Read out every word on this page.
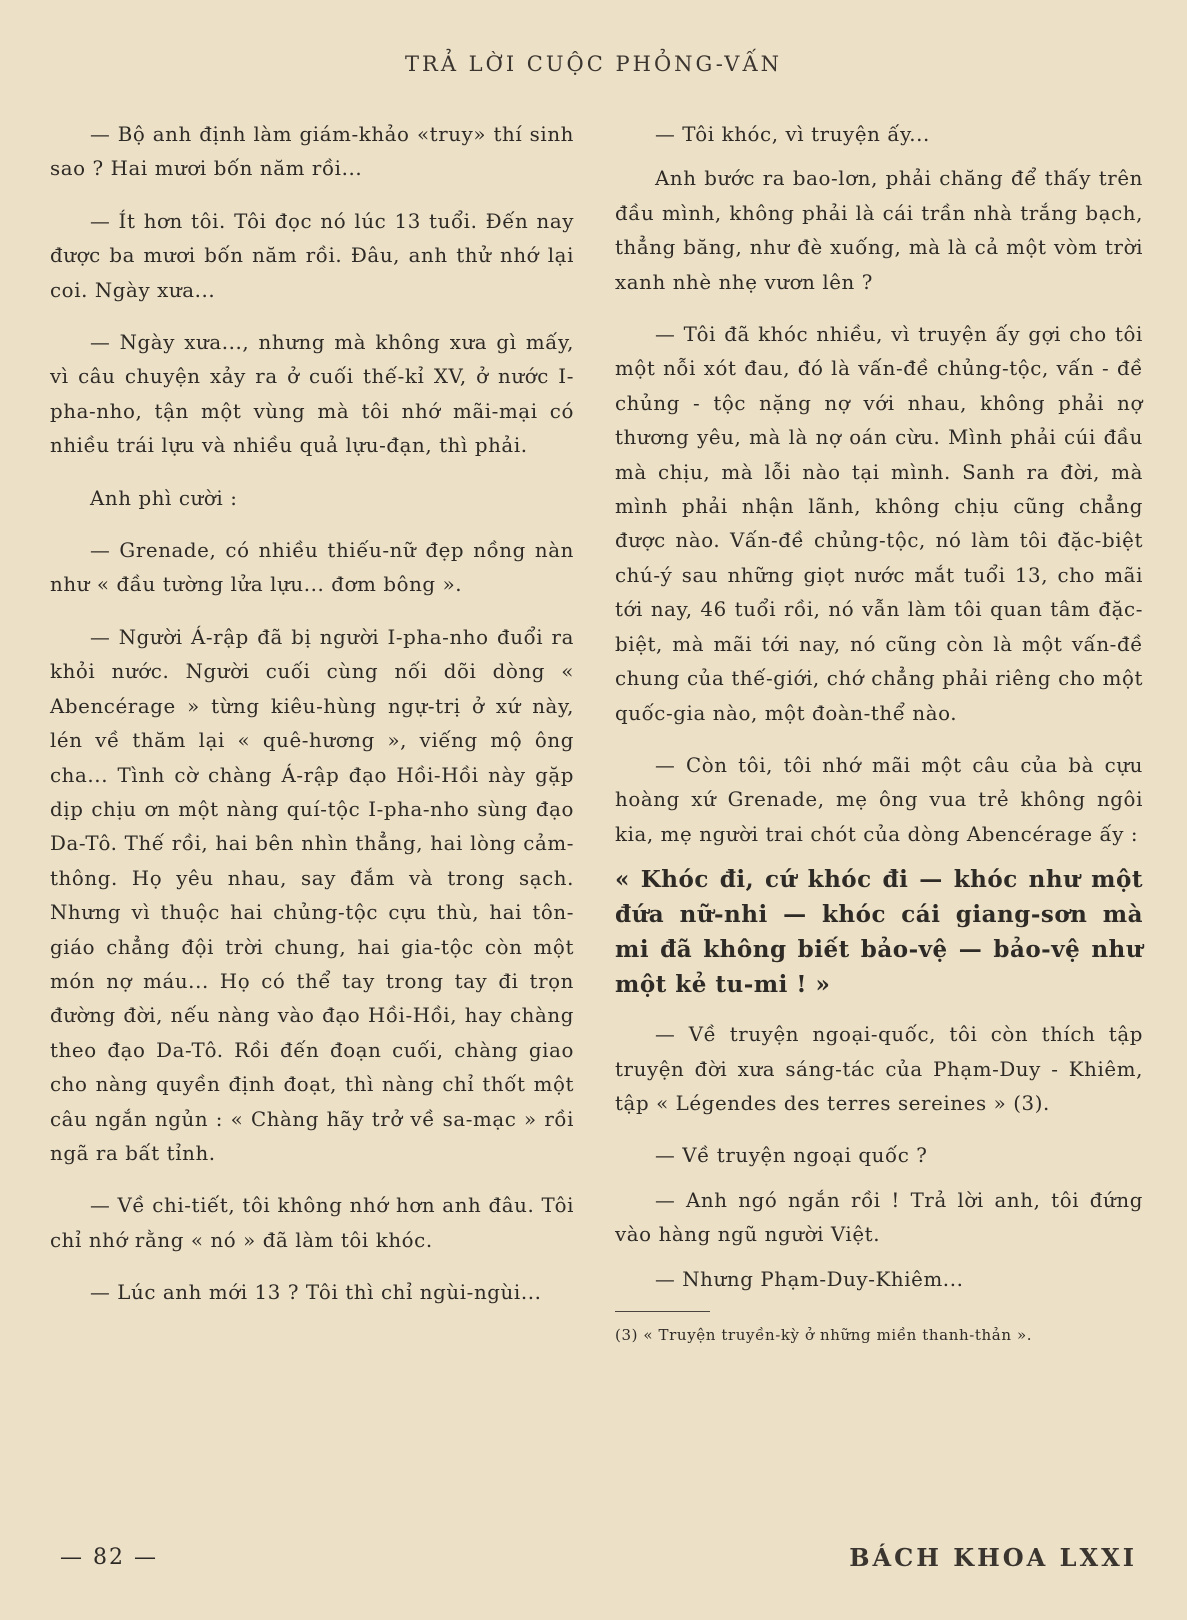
TRẢ LỜI CUỘC PHỎNG-VẤN

— Bộ anh định làm giám-khảo «truy» thí sinh sao ? Hai mươi bốn năm rồi...

— Ít hơn tôi. Tôi đọc nó lúc 13 tuổi. Đến nay được ba mươi bốn năm rồi. Đâu, anh thử nhớ lại coi. Ngày xưa...

— Ngày xưa..., nhưng mà không xưa gì mấy, vì câu chuyện xảy ra ở cuối thế-kỉ XV, ở nước I-pha-nho, tận một vùng mà tôi nhớ mãi-mại có nhiều trái lựu và nhiều quả lựu-đạn, thì phải.

Anh phì cười :

— Grenade, có nhiều thiếu-nữ đẹp nồng nàn như « đầu tường lửa lựu... đơm bông ».

— Người Á-rập đã bị người I-pha-nho đuổi ra khỏi nước. Người cuối cùng nối dõi dòng « Abencérage » từng kiêu-hùng ngự-trị ở xứ này, lén về thăm lại « quê-hương », viếng mộ ông cha... Tình cờ chàng Á-rập đạo Hồi-Hồi này gặp dịp chịu ơn một nàng quí-tộc I-pha-nho sùng đạo Da-Tô. Thế rồi, hai bên nhìn thẳng, hai lòng cảm-thông. Họ yêu nhau, say đắm và trong sạch. Nhưng vì thuộc hai chủng-tộc cựu thù, hai tôn-giáo chẳng đội trời chung, hai gia-tộc còn một món nợ máu... Họ có thể tay trong tay đi trọn đường đời, nếu nàng vào đạo Hồi-Hồi, hay chàng theo đạo Da-Tô. Rồi đến đoạn cuối, chàng giao cho nàng quyền định đoạt, thì nàng chỉ thốt một câu ngắn ngủn : « Chàng hãy trở về sa-mạc » rồi ngã ra bất tỉnh.

— Về chi-tiết, tôi không nhớ hơn anh đâu. Tôi chỉ nhớ rằng « nó » đã làm tôi khóc.

— Lúc anh mới 13 ? Tôi thì chỉ ngùi-ngùi...

— Tôi khóc, vì truyện ấy...

Anh bước ra bao-lơn, phải chăng để thấy trên đầu mình, không phải là cái trần nhà trắng bạch, thẳng băng, như đè xuống, mà là cả một vòm trời xanh nhè nhẹ vươn lên ?

— Tôi đã khóc nhiều, vì truyện ấy gợi cho tôi một nỗi xót đau, đó là vấn-đề chủng-tộc, vấn - đề chủng - tộc nặng nợ với nhau, không phải nợ thương yêu, mà là nợ oán cừu. Mình phải cúi đầu mà chịu, mà lỗi nào tại mình. Sanh ra đời, mà mình phải nhận lãnh, không chịu cũng chẳng được nào. Vấn-đề chủng-tộc, nó làm tôi đặc-biệt chú-ý sau những giọt nước mắt tuổi 13, cho mãi tới nay, 46 tuổi rồi, nó vẫn làm tôi quan tâm đặc-biệt, mà mãi tới nay, nó cũng còn là một vấn-đề chung của thế-giới, chớ chẳng phải riêng cho một quốc-gia nào, một đoàn-thể nào.

— Còn tôi, tôi nhớ mãi một câu của bà cựu hoàng xứ Grenade, mẹ ông vua trẻ không ngôi kia, mẹ người trai chót của dòng Abencérage ấy :

« Khóc đi, cứ khóc đi — khóc như một đứa nữ-nhi — khóc cái giang-sơn mà mi đã không biết bảo-vệ — bảo-vệ như một kẻ tu-mi ! »

— Về truyện ngoại-quốc, tôi còn thích tập truyện đời xưa sáng-tác của Phạm-Duy - Khiêm, tập « Légendes des terres sereines » (3).

— Về truyện ngoại quốc ?

— Anh ngó ngắn rồi ! Trả lời anh, tôi đứng vào hàng ngũ người Việt.

— Nhưng Phạm-Duy-Khiêm...

(3) « Truyện truyền-kỳ ở những miền thanh-thản ».

— 82 —	BÁCH KHOA LXXI
